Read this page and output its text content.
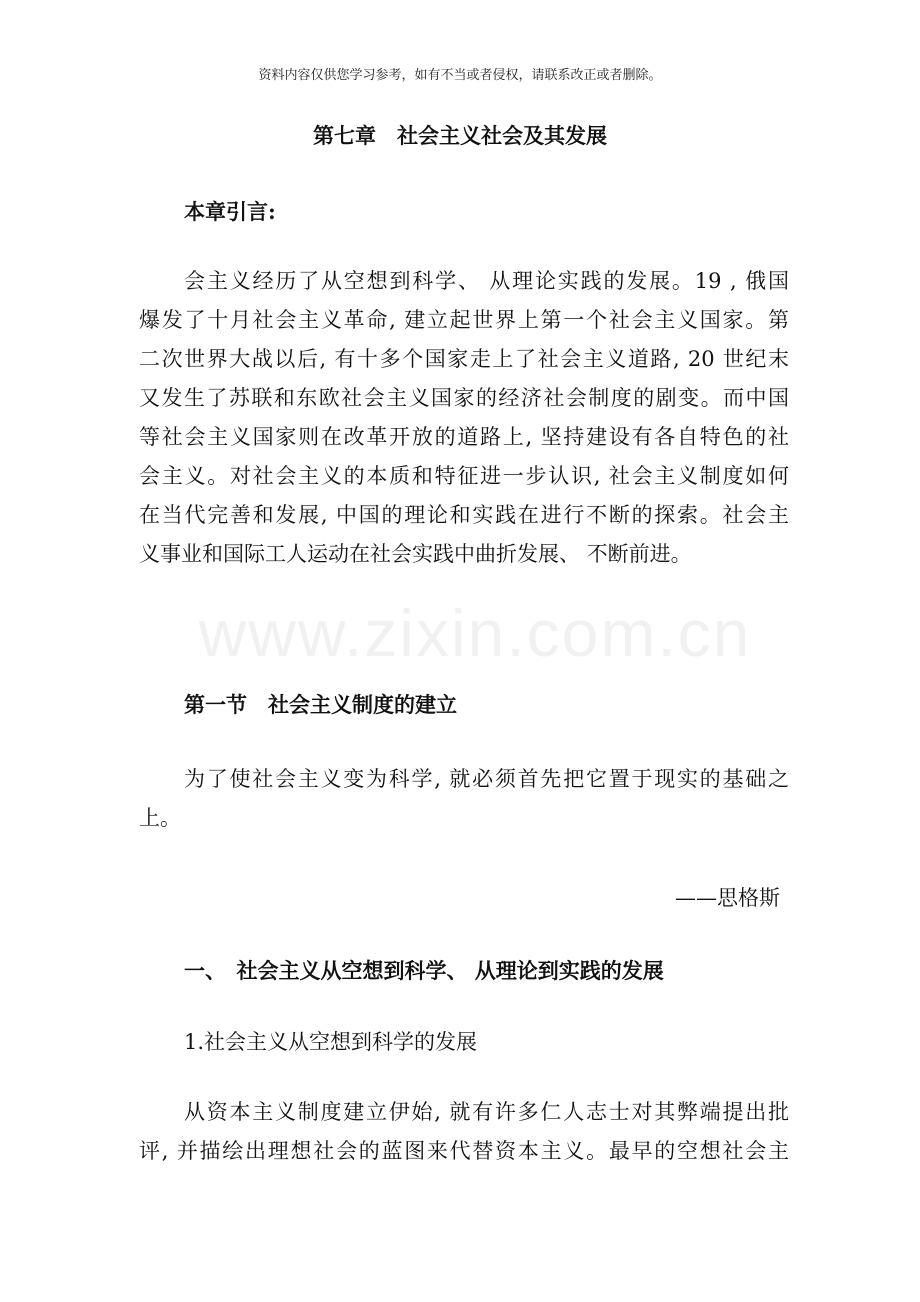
www.zixin.com.cn
资料内容仅供您学习参考，如有不当或者侵权，请联系改正或者删除。
第七章　社会主义社会及其发展
本章引言:
会主义经历了从空想到科学、 从理论实践的发展。19 , 俄国
爆发了十月社会主义革命, 建立起世界上第一个社会主义国家。第
二次世界大战以后, 有十多个国家走上了社会主义道路, 20 世纪末
又发生了苏联和东欧社会主义国家的经济社会制度的剧变。而中国
等社会主义国家则在改革开放的道路上, 坚持建设有各自特色的社
会主义。对社会主义的本质和特征进一步认识, 社会主义制度如何
在当代完善和发展, 中国的理论和实践在进行不断的探索。社会主
义事业和国际工人运动在社会实践中曲折发展、 不断前进。
第一节　社会主义制度的建立
为了使社会主义变为科学, 就必须首先把它置于现实的基础之
上。
——思格斯
一、　社会主义从空想到科学、 从理论到实践的发展
1.社会主义从空想到科学的发展
从资本主义制度建立伊始, 就有许多仁人志士对其弊端提出批
评, 并描绘出理想社会的蓝图来代替资本主义。最早的空想社会主
